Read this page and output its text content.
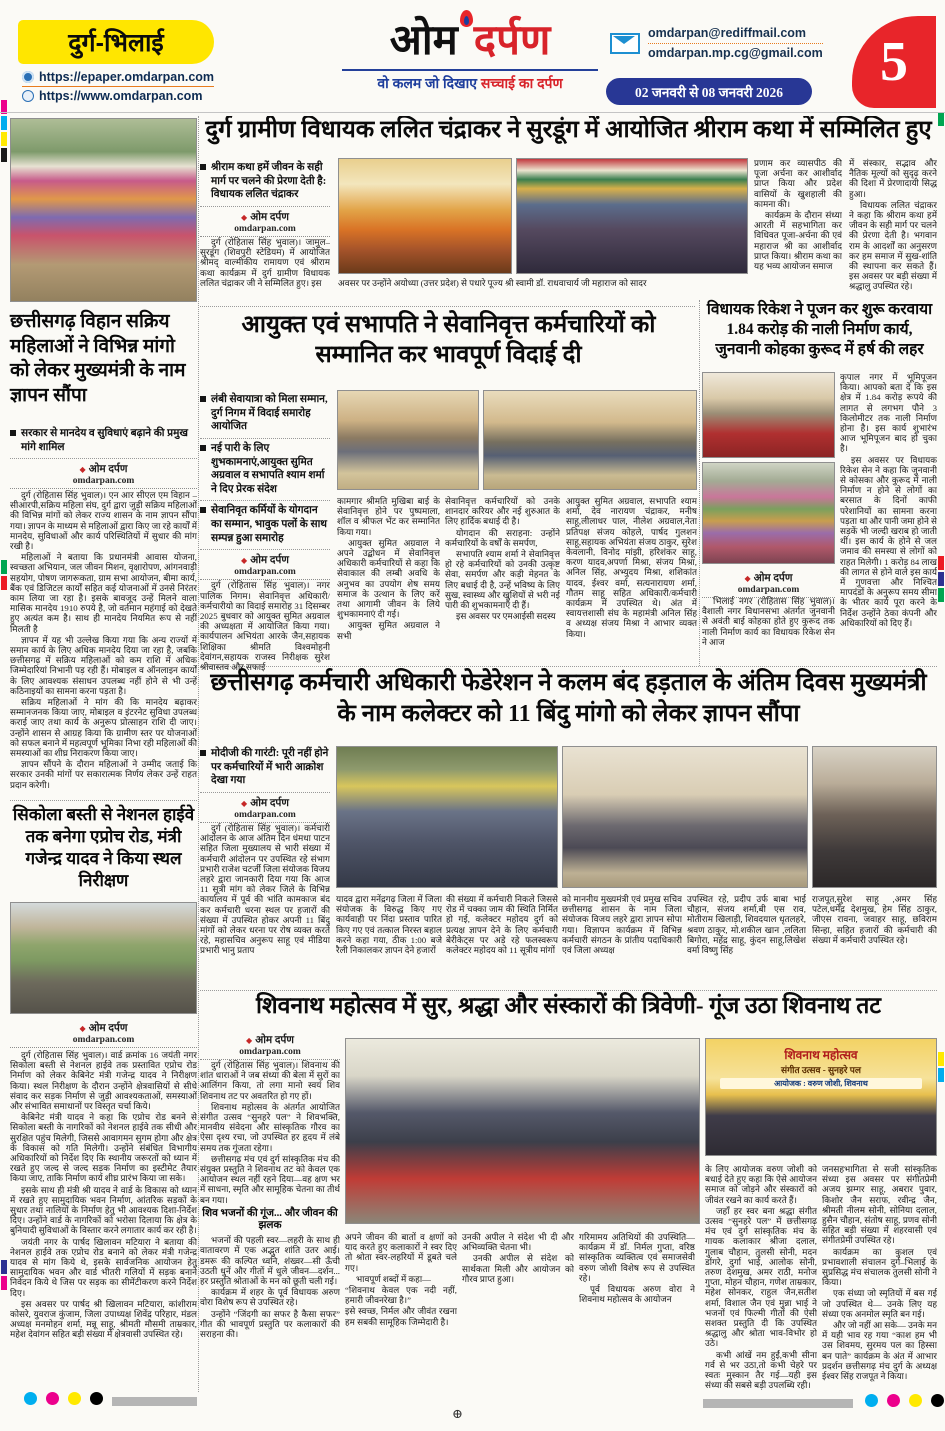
दुर्ग-भिलाई
https://epaper.omdarpan.com
https://www.omdarpan.com
ओम दर्पण
वो कलम जो दिखाए सच्चाई का दर्पण
omdarpan@rediffmail.com
omdarpan.mp.cg@gmail.com
02 जनवरी से 08 जनवरी 2026 5
छत्तीसगढ़ विहान सक्रिय महिलाओं ने विभिन्न मांगो को लेकर मुख्यमंत्री के नाम ज्ञापन सौंपा
सरकार से मानदेय व सुविधाएं बढ़ाने की प्रमुख मांगे शामिल
◆ ओम दर्पण
omdarpan.com

दुर्ग (रोहितास सिंह भुवाल)। एन आर सीएल एम विहान – सीआरपी,सक्रिय महिला संघ, दुर्ग द्वारा जुड़ी सक्रिय महिलाओं की विभिन्न मांगों को लेकर राज्य शासन के नाम ज्ञापन सौंपा गया। ज्ञापन के माध्यम से महिलाओं द्वारा किए जा रहे कार्यों में मानदेय, सुविधाओं और कार्य परिस्थितियों में सुधार की मांग रखी है।

महिलाओं ने बताया कि प्रधानमंत्री आवास योजना, स्वच्छता अभियान, जल जीवन मिशन, वृक्षारोपण, आंगनवाड़ी सहयोग, पोषण जागरूकता, ग्राम सभा आयोजन, बीमा कार्य, बैंक एवं डिजिटल कार्यों सहित कई योजनाओं में उनसे निरंतर काम लिया जा रहा है। इसके बावजूद उन्हें मिलने वाला मासिक मानदेय 1910 रुपये है, जो वर्तमान महंगाई को देखते हुए अत्यंत कम है। साथ ही मानदेय नियमित रूप से नहीं मिलती है

ज्ञापन में यह भी उल्लेख किया गया कि अन्य राज्यों में समान कार्य के लिए अधिक मानदेय दिया जा रहा है, जबकि छत्तीसगढ़ में सक्रिय महिलाओं को कम राशि में अधिक जिम्मेदारियां निभानी पड़ रही हैं। मोबाइल व ऑनलाइन कार्यों के लिए आवश्यक संसाधन उपलब्ध नहीं होने से भी उन्हें कठिनाइयों का सामना करना पड़ता है।

सक्रिय महिलाओं ने मांग की कि मानदेय बढ़ाकर सम्मानजनक किया जाए, मोबाइल व इंटरनेट सुविधा उपलब्ध कराई जाए तथा कार्य के अनुरूप प्रोत्साहन राशि दी जाए। उन्होंने शासन से आग्रह किया कि ग्रामीण स्तर पर योजनाओं को सफल बनाने में महत्वपूर्ण भूमिका निभा रही महिलाओं की समस्याओं का शीघ्र निराकरण किया जाए।

ज्ञापन सौंपने के दौरान महिलाओं ने उम्मीद जताई कि सरकार उनकी मांगों पर सकारात्मक निर्णय लेकर उन्हें राहत प्रदान करेगी।

सिकोला बस्ती से नेशनल हाईवे तक बनेगा एप्रोच रोड, मंत्री गजेन्द्र यादव ने किया स्थल निरीक्षण
◆ ओम दर्पण
omdarpan.com

दुर्ग (रोहितास सिंह भुवाल)। वार्ड क्रमांक 16 जयंती नगर सिकोला बस्ती से नेशनल हाईवे तक प्रस्तावित एप्रोच रोड निर्माण को लेकर केबिनेट मंत्री गजेन्द्र यादव ने निरीक्षण किया। स्थल निरीक्षण के दौरान उन्होंने क्षेत्रवासियों से सीधे संवाद कर सड़क निर्माण से जुड़ी आवश्यकताओं, समस्याओं और संभावित समाधानों पर विस्तृत चर्चा किये।

केबिनेट मंत्री यादव ने कहा कि एप्रोच रोड बनने से सिकोला बस्ती के नागरिकों को नेशनल हाईवे तक सीधी और सुरक्षित पहुंच मिलेगी, जिससे आवागमन सुगम होगा और क्षेत्र के विकास को गति मिलेगी। उन्होंने संबंधित विभागीय अधिकारियों को निर्देश दिए कि स्थानीय जरूरतों को ध्यान में रखते हुए जल्द से जल्द सड़क निर्माण का इस्टीमेट तैयार किया जाए, ताकि निर्माण कार्य शीघ्र प्रारंभ किया जा सके।

इसके साथ ही मंत्री श्री यादव ने वार्ड के विकास को ध्यान में रखते हुए सामुदायिक भवन निर्माण, आंतरिक सड़कों के सुधार तथा नालियों के निर्माण हेतु भी आवश्यक दिशा-निर्देश दिए। उन्होंने वार्ड के नागरिकों को भरोसा दिलाया कि क्षेत्र के बुनियादी सुविधाओं के विस्तार करने लगातार कार्य कर रही है।

जयंती नगर के पार्षद खिलावन मटियारा ने बताया की नेशनल हाईवे तक एप्रोच रोड बनाने को लेकर मंत्री गजेन्द्र यादव से मांग किये थे, इसके सार्वजनिक आयोजन हेतु सामुदायिक भवन और वार्ड भीतरी गलियों में सड़क बनाने निवेदन किये थे जिस पर सड़क का सीमेंटीकरण करने निर्देश दिए।

इस अवसर पर पार्षद श्री खिलावन मटियारा, कांशीराम कोसरे, युवराज कुंजाम, जिला उपाध्यक्ष शिवेंद्र परिहार, मंडल अध्यक्ष मनमोहन शर्मा, मन्नू साहू, श्रीमती मौसमी ताम्रकार, महेश देवांगन सहित बड़ी संख्या में क्षेत्रवासी उपस्थित रहे।

दुर्ग ग्रामीण विधायक ललित चंद्राकर ने सुरडूंग में आयोजित श्रीराम कथा में सम्मिलित हुए
श्रीराम कथा हमें जीवन के सही मार्ग पर चलने की प्रेरणा देती है: विधायक ललित चंद्राकर
◆ ओम दर्पण
omdarpan.com

दुर्ग (रोहितास सिंह भुवाल)। जामुल–सुरडूंग (शिवपुरी स्टेडियम) में आयोजित श्रीमद् वाल्मीकीय रामायण एवं श्रीराम कथा कार्यक्रम में दुर्ग ग्रामीण विधायक ललित चंद्राकर जी ने सम्मिलित हुए। इस	अवसर पर उन्होंने अयोध्या (उत्तर प्रदेश) से पधारे पूज्य श्री स्वामी डॉ. राधवाचार्य जी महाराज को सादर

प्रणाम कर व्यासपीठ की पूजा अर्चना कर आशीर्वाद प्राप्त किया और प्रदेश वासियों के खुशहाली की कामना की।

कार्यक्रम के दौरान संध्या आरती में सहभागिता कर विधिवत पूजा-अर्चना की एवं महाराज श्री का आशीर्वाद प्राप्त किया। श्रीराम कथा का यह भव्य आयोजन समाज

में संस्कार, सद्भाव और नैतिक मूल्यों को सुदृढ़ करने की दिशा में प्रेरणादायी सिद्ध हुआ।

विधायक ललित चंद्राकर ने कहा कि श्रीराम कथा हमें जीवन के सही मार्ग पर चलने की प्रेरणा देती है। भगवान राम के आदर्शों का अनुसरण कर हम समाज में सुख-शांति की स्थापना कर सकते हैं। इस अवसर पर बड़ी संख्या में श्रद्धालु उपस्थित रहे।

आयुक्त एवं सभापति ने सेवानिवृत्त कर्मचारियों को सम्मानित कर भावपूर्ण विदाई दी
लंबी सेवायात्रा को मिला सम्मान, दुर्ग निगम में विदाई समारोह आयोजित
नई पारी के लिए शुभकामनाएं,आयुक्त सुमित अग्रवाल व सभापति श्याम शर्मा ने दिए प्रेरक संदेश
सेवानिवृत कर्मियों के योगदान का सम्मान, भावुक पलों के साथ सम्पन्न हुआ समारोह
◆ ओम दर्पण
omdarpan.com

दुर्ग (रोहितास सिंह भुवाल)। नगर पालिक निगम। सेवानिवृत्त अधिकारी/कर्मचारीयो का विदाई समारोह 31 दिसम्बर 2025 बुधवार को आयुक्त सुमित अग्रवाल की अध्यक्षता में आयोजित किया गया। कार्यपालन अभियंता आरके जैन,सहायक शिक्षिका श्रीमति विश्वमोहनी देवांगन,सहायक राजस्व निरीक्षक सुरेश श्रीवास्तव और सफाई

कामगार श्रीमति मुखिबा बाई के सेवानिवृत्त होने पर पुष्पमाला, शॉल व श्रीफल भेंट कर सम्मानित किया गया।

आयुक्त सुमित अग्रवाल ने अपने उद्बोधन में सेवानिवृत्त अधिकारी कर्मचारियों से कहा कि सेवाकाल की लम्बी अवधि के अनुभव का उपयोग शेष समय समाज के उत्थान के लिए करें तथा आगामी जीवन के लिये शुभकामनाएं दी गई।

आयुक्त सुमित अग्रवाल ने सभी

सेवानिवृत्त कर्मचारियों को उनके शानदार करियर और नई शुरुआत के लिए हार्दिक बधाई दी है।

योगदान की सराहना: उन्होंने कर्मचारियों के वर्षों के समर्पण,

सभापति श्याम शर्मा ने सेवानिवृत्त हो रहे कर्मचारियों को उनकी उत्कृष्ट सेवा, समर्पण और कड़ी मेहनत के लिए बधाई दी है, उन्हें भविष्य के लिए सुख, स्वास्थ्य और खुशियों से भरी नई पारी की शुभकामनाएँ दी हैं।

इस अवसर पर एमआईसी सदस्य

आयुक्त सुमित अग्रवाल, सभापति श्याम शर्मा, देव नारायण चंद्राकर, मनीष साहू,लीलाधर पाल, नीलेश अग्रवाल,नेता प्रतिपक्ष संजय कोहले, पार्षद गुलशन साहू,सहायक अभियंता संजय ठाकुर, सुरेश केवलानी, विनोद मांझी, हरिशंकर साहू, करण यादव,अपर्णा मिश्रा, संजय मिश्रा, अनिल सिंह, अभ्युदय मिश्रा, शशिकांत यादव, ईश्वर वर्मा, सत्यनारायण शर्मा, गौतम साहू सहित अधिकारी/कर्मचारी कार्यक्रम में उपस्थित थे। अंत में स्वायत्तशासी संघ के महामंत्री अनिल सिंह व अध्यक्ष संजय मिश्रा ने आभार व्यक्त किया।

विधायक रिकेश ने पूजन कर शुरू करवाया 1.84 करोड़ की नाली निर्माण कार्य, जुनवानी कोहका कुरूद में हर्ष की लहर
◆ ओम दर्पण
omdarpan.com

भिलाई नगर (रोहितास सिंह भुवाल)। वैशाली नगर विधानसभा अंतर्गत जुनवानी से अवंती बाई कोहका होते हुए कुरूद तक नाली निर्माण कार्य का विधायक रिकेश सेन ने आज

कृपाल नगर में भूमिपूजन किया। आपको बता दें कि इस क्षेत्र में 1.84 करोड़ रूपये की लागत से लगभग पौने 3 किलोमीटर तक नाली निर्माण होना है। इस कार्य शुभारंभ आज भूमिपूजन बाद हो चुका है।

इस अवसर पर विधायक रिकेश सेन ने कहा कि जुनवानी से कोसका और कुरूद में नाली निर्माण न होने से लोगों का बरसात के दिनों काफी परेशानियों का सामना करना पड़ता था और पानी जमा होने से सड़कें भी जल्दी खराब हो जाती थीं। इस कार्य के होने से जल जमाव की समस्या से लोगों को राहत मिलेगी। 1 करोड़ 84 लाख की लागत से होने वाले इस कार्य में गुणवत्ता और निश्चित मापदंडों के अनुरूप समय सीमा के भीतर कार्य पूरा करने के निर्देश उन्होंने ठेका कंपनी और अधिकारियों को दिए हैं।

छत्तीसगढ़ कर्मचारी अधिकारी फेडेरेशन ने कलम बंद हड़ताल के अंतिम दिवस मुख्यमंत्री के नाम कलेक्टर को 11 बिंदु मांगो को लेकर ज्ञापन सौंपा
मोदीजी की गारंटी: पूरी नहीं होने पर कर्मचारियों में भारी आक्रोश देखा गया
◆ ओम दर्पण
omdarpan.com

दुर्ग (रोहितास सिंह भुवाल)। कर्मचारी आंदोलन के आज अंतिम दिन धंमधा पाटन सहित जिला मुख्यालय से भारी संख्या में कर्मचारी आंदोलन पर उपस्थित रहे संभाग प्रभारी राजेश चटर्जी जिला संयोजक विजय लहरे द्वारा जानकारी दिया गया कि आज 11 सूत्री मांग को लेकर जिले के विभिन्न कार्यालय में पूर्व की भांति कामकाज बंद कर कर्मचारी धरना स्थल पर हजारों की संख्या में उपस्थित होकर अपनी 11 बिंदु मांगों को लेकर धरना पर रोष व्यक्त करते रहे, महासचिव अनुरूप साहू एवं मीडिया प्रभारी भानु प्रताप

यादव द्वारा मनेंद्रगढ़ जिला में जिला संयोजक के विरुद्ध किए गए कार्यवाही पर निंदा प्रस्ताव पारित किए गए एवं तत्काल निरस्त बहाल करने कहा गया, ठीक 1:00 बजे रैली निकालकर ज्ञापन देने हजारों

की संख्या में कर्मचारी निकले जिससे रोड में चक्का जाम की स्थिति निर्मित हो गई, कलेक्टर महोदय दुर्ग को प्रत्यक्ष ज्ञापन देने के लिए कर्मचारी बेरीकेट्स पर अड़े रहे फलस्वरूप कलेक्टर महोदय को 11 सूत्रीय मांगों

को माननीय मुख्यमंत्री एवं प्रमुख सचिव छत्तीसगढ़ शासन के नाम जिला संयोजक विजय लहरे द्वारा ज्ञापन सोपा गया। विज्ञापन कार्यक्रम में विभिन्न कर्मचारी संगठन के प्रांतीय पदाधिकारी एवं जिला अध्यक्ष

उपस्थित रहे, प्रदीप उर्फ बाबा भाई चौहान, संजय शर्मा,बी एस राव, मोतीराम खिलाड़ी, शिवदयाल धृतलहरे, श्रवण ठाकुर, मो.शकील खान ,ललिता बिगोरा, महेंद्र साहू, कुंदन साहू,लिखेश वर्मा विष्णु सिंह

राजपूत,सुरेश साहू ,अमर सिंह पटेल,धर्मेंद्र देशमुख, हेम सिंह ठाकुर, जीएस रावना, जवाहर साहू, छविराम सिन्हा, सहित हजारों की कर्मचारी की संख्या में कर्मचारी उपस्थित रहे।

शिवनाथ महोत्सव में सुर, श्रद्धा और संस्कारों की त्रिवेणी- गूंज उठा शिवनाथ तट
◆ ओम दर्पण
omdarpan.com

दुर्ग (रोहितास सिंह भुवाल)। शिवनाथ की शांत धाराओं ने जब संध्या की बेला में सुरों का आलिंगन किया, तो लगा मानो स्वयं शिव शिवनाथ तट पर अवतरित हो गए हों।

शिवनाथ महोत्सव के अंतर्गत आयोजित संगीत उत्सव “सुनहरे पल” ने शिवभक्ति, मानवीय संवेदना और सांस्कृतिक गौरव का ऐसा दृश्य रचा, जो उपस्थित हर हृदय में लंबे समय तक गूंजता रहेगा।

छत्तीसगढ़ मंच एवं दुर्ग सांस्कृतिक मंच की संयुक्त प्रस्तुति ने शिवनाथ तट को केवल एक आयोजन स्थल नहीं रहने दिया—वह क्षण भर में साधना, स्मृति और सामूहिक चेतना का तीर्थ बन गया।

शिव भजनों की गूंज... और जीवन की झलक

भजनों की पहली स्वर—लहरी के साथ ही वातावरण में एक अद्भुत शांति उतर आई। डमरू की कल्पित ध्वनि, शंख्वर—सी ऊँची उठती धुनें और गीतों में धुले जीवन—दर्शन... हर प्रस्तुति श्रोताओं के मन को छूती चली गई।

कार्यक्रम में शहर के पूर्व विधायक अरुण वोरा विशेष रूप से उपस्थित रहे।

उन्होंने “जिंदगी का सफर है कैसा सफर” गीत की भावपूर्ण प्रस्तुति पर कलाकारों की सराहना की।

शिवनाथ महोत्सव
संगीत उत्सव - सुनहरे पल
आयोजक : वरुण जोशी, शिवनाथ

अपने जीवन की बातों व क्षणों को याद करते हुए कलाकारों ने स्वर दिए तो श्रोता स्वर-लहरियों में डूबते चले गए।

भावपूर्ण शब्दों में कहा—

“शिवनाथ केवल एक नदी नहीं, हमारी जीवनरेखा है।”

इसे स्वच्छ, निर्मल और जीवंत रखना हम सबकी सामूहिक जिम्मेदारी है।

उनकी अपील ने संदेश भी दी और अभिव्यक्ति चेतना भी।

उनकी अपील से संदेश को सार्थकता मिली और आयोजन को गौरव प्राप्त हुआ।

गरिमामय अतिथियों की उपस्थिति— कार्यक्रम में डॉ. निर्मल गुप्ता, वरिष्ठ सांस्कृतिक व्यक्तित्व एवं समाजसेवी वरुण जोशी विशेष रूप से उपस्थित रहे।

पूर्व विधायक अरुण वोरा ने शिवनाथ महोत्सव के आयोजन

के लिए आयोजक वरुण जोशी को बधाई देते हुए कहा कि ऐसे आयोजन समाज को जोड़ने और संस्कारों को जीवंत रखने का कार्य करते हैं।

जहाँ हर स्वर बना श्रद्धा संगीत उत्सव “सुनहरे पल” में छत्तीसगढ़ मंच एवं दुर्ग सांस्कृतिक मंच के गायक कलाकार श्रीजा दलाल, गुलाब चौहान, तुलसी सोनी, मदन डोंगरे, दुर्गा भाई, आलोक सोनी, तरुण देशमुख, अमर राठी, मनोज गुप्ता, मोहन चौहान, गणेश ताम्रकार, महेश सोनकर, राहुल जैन,सतीश शर्मा, विशाल जैन एवं मुन्ना भाई ने भजनों एवं फिल्मी गीतों की ऐसी सशक्त प्रस्तुति दी कि उपस्थित श्रद्धालु और श्रोता भाव-विभोर हो उठे।

कभी आंखें नम हुईं,कभी सीना गर्व से भर उठा,तो कभी चेहरे पर स्वतः मुस्कान तैर गई—यही इस संध्या की सबसे बड़ी उपलब्धि रही।

जनसहभागिता से सजी सांस्कृतिक संध्या इस अवसर पर संगीतप्रेमी अजय झम्गर साहू, अबरार पुवार, किशोर जैन सराफ, रवीन्द्र जैन, श्रीमती नीलम सोनी, सोनिया दलाल, हुसैन चौहान, संतोष साहू, प्रणव सोनी सहित बड़ी संख्या में शहरवासी एवं संगीतप्रेमी उपस्थित रहे।

कार्यक्रम का कुशल एवं प्रभावशाली संचालन दुर्ग–भिलाई के सुप्रसिद्ध मंच संचालक तुलसी सोनी ने किया।

एक संध्या जो स्मृतियों में बस गई जो उपस्थित थे— उनके लिए यह संध्या एक अनमोल स्मृति बन गई।

और जो नहीं आ सके— उनके मन में यही भाव रह गया “काश हम भी उस शिवमय, सुरमय पल का हिस्सा बन पाते” कार्यक्रम के अंत में आभार प्रदर्शन छत्तीसगढ़ मंच दुर्ग के अध्यक्ष ईश्वर सिंह राजपूत ने किया।

⊕
